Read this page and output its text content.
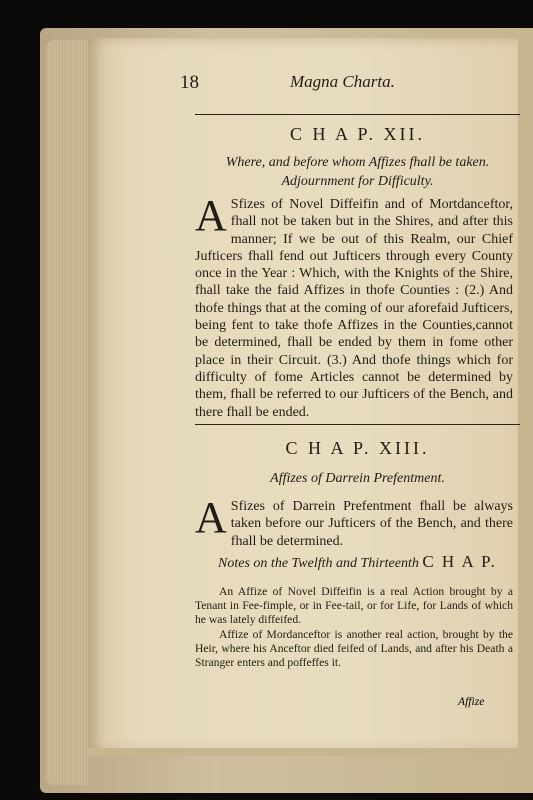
18	Magna Charta.
C H A P. XII.
Where, and before whom Affizes fhall be taken.
Adjournment for Difficulty.
A Sfizes of Novel Diffeifin and of Mortdanceftor, fhall not be taken but in the Shires, and after this manner; If we be out of this Realm, our Chief Jufticers fhall fend out Jufticers through every County once in the Year : Which, with the Knights of the Shire, fhall take the faid Affizes in thofe Counties : (2.) And thofe things that at the coming of our aforefaid Jufticers, being fent to take thofe Affizes in the Counties,cannot be determined, fhall be ended by them in fome other place in their Circuit. (3.) And thofe things which for difficulty of fome Articles cannot be determined by them, fhall be referred to our Jufticers of the Bench, and there fhall be ended.
C H A P. XIII.
Affizes of Darrein Prefentment.
A Sfizes of Darrein Prefentment fhall be always taken before our Jufticers of the Bench, and there fhall be determined.
Notes on the Twelfth and Thirteenth C H A P.
An Affize of Novel Diffeifin is a real Action brought by a Tenant in Fee-fimple, or in Fee-tail, or for Life, for Lands of which he was lately diffeifed.
Affize of Mordanceftor is another real action, brought by the Heir, where his Anceftor died feifed of Lands, and after his Death a Stranger enters and poffeffes it.
Affize
